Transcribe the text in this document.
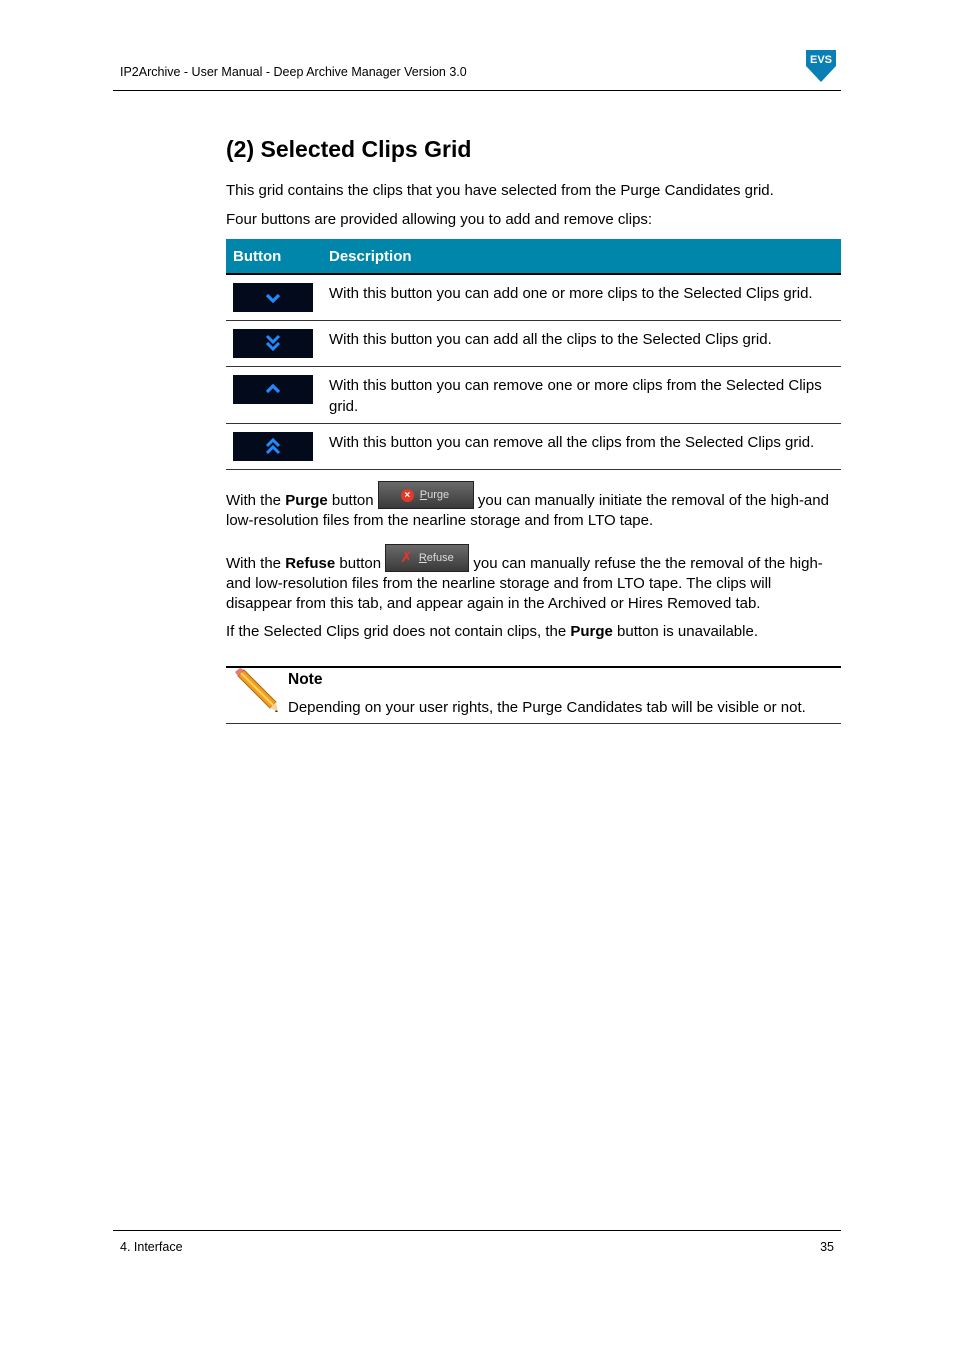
IP2Archive - User Manual - Deep Archive Manager Version 3.0
EVS
(2) Selected Clips Grid

This grid contains the clips that you have selected from the Purge Candidates grid.

Four buttons are provided allowing you to add and remove clips:

Button	Description

	With this button you can add one or more clips to the Selected Clips grid.

	With this button you can add all the clips to the Selected Clips grid.

	With this button you can remove one or more clips from the Selected Clips grid.

	With this button you can remove all the clips from the Selected Clips grid.

With the Purge button	× Purge you can manually initiate the removal of the high-and low-resolution files from the nearline storage and from LTO tape.

With the Refuse button ✗ Refuse you can manually refuse the the removal of the high- and low-resolution files from the nearline storage and from LTO tape. The clips will disappear from this tab, and appear again in the Archived or Hires Removed tab.

If the Selected Clips grid does not contain clips, the Purge button is unavailable.

Note
Depending on your user rights, the Purge Candidates tab will be visible or not.
4. Interface	35
